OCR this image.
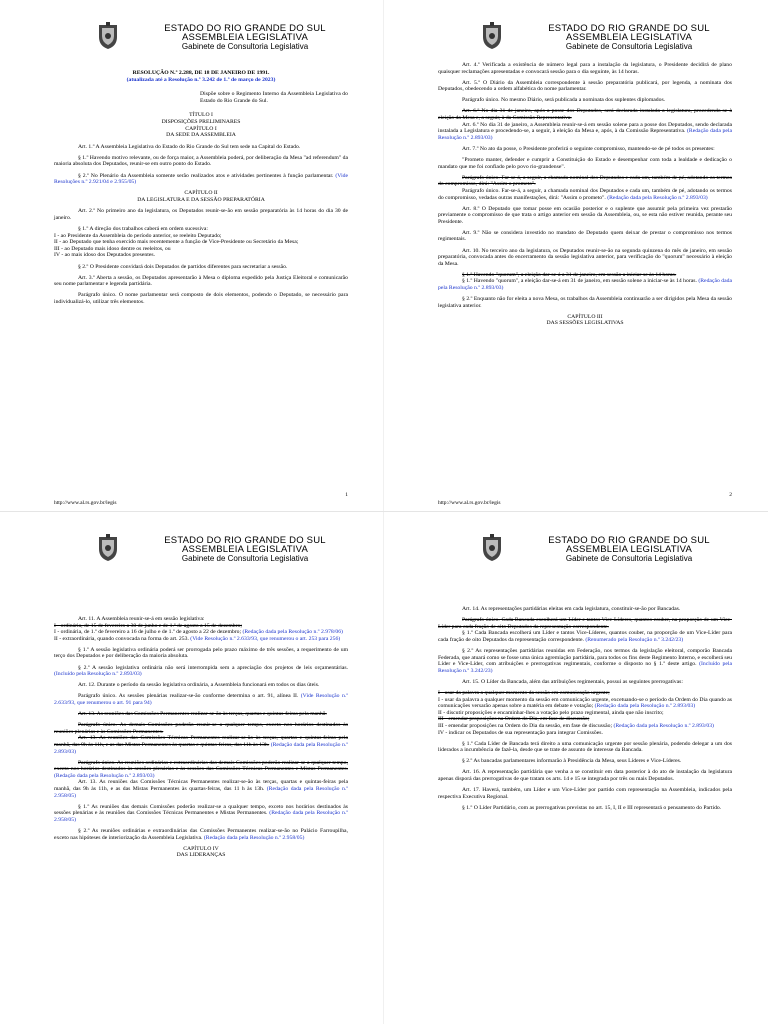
ESTADO DO RIO GRANDE DO SUL
ASSEMBLEIA LEGISLATIVA
Gabinete de Consultoria Legislativa

RESOLUÇÃO N.º 2.288, DE 18 DE JANEIRO DE 1991.

(atualizada até a Resolução n.º 3.242 de 1.º de março de 2023)

Dispõe sobre o Regimento Interno da Assembleia Legislativa do Estado do Rio Grande do Sul.

TÍTULO I

DISPOSIÇÕES PRELIMINARES

CAPÍTULO I

DA SEDE DA ASSEMBLEIA

Art. 1.º A Assembleia Legislativa do Estado do Rio Grande do Sul tem sede na Capital do Estado.

§ 1.º Havendo motivo relevante, ou de força maior, a Assembleia poderá, por deliberação da Mesa "ad referendum" da maioria absoluta dos Deputados, reunir-se em outro ponto do Estado.

§ 2.º No Plenário da Assembleia somente serão realizados atos e atividades pertinentes à função parlamentar. (Vide Resoluções n.º 2.921/04 e 2.955/05)

CAPÍTULO II

DA LEGISLATURA E DA SESSÃO PREPARATÓRIA

Art. 2.º No primeiro ano da legislatura, os Deputados reunir-se-ão em sessão preparatória às 14 horas do dia 30 de janeiro.

§ 1.º A direção dos trabalhos caberá em ordem sucessiva:

I - ao Presidente da Assembleia do período anterior, se reeleito Deputado;

II - ao Deputado que tenha exercido mais recentemente a função de Vice-Presidente ou Secretário da Mesa;

III - ao Deputado mais idoso dentre os reeleitos, ou

IV - ao mais idoso dos Deputados presentes.

§ 2.º O Presidente convidará dois Deputados de partidos diferentes para secretariar a sessão.

Art. 3.º Aberta a sessão, os Deputados apresentarão à Mesa o diploma expedido pela Justiça Eleitoral e comunicarão seu nome parlamentar e legenda partidária.

Parágrafo único. O nome parlamentar será composto de dois elementos, podendo o Deputado, se necessário para individualizá-lo, utilizar três elementos.

1
http://www.al.rs.gov.br/legis
ESTADO DO RIO GRANDE DO SUL
ASSEMBLEIA LEGISLATIVA
Gabinete de Consultoria Legislativa

Art. 4.º Verificada a existência de número legal para a instalação da legislatura, o Presidente decidirá de plano quaisquer reclamações apresentadas e convocará sessão para o dia seguinte, às 14 horas.

Art. 5.º O Diário da Assembleia correspondente à sessão preparatória publicará, por legenda, a nominata dos Deputados, obedecendo a ordem alfabética do nome parlamentar.

Parágrafo único. No mesmo Diário, será publicada a nominata dos suplentes diplomados.

Art. 6.º No dia 31 de janeiro, após a posse dos Deputados, será declarada instalada a legislatura, procedendo-se à eleição da Mesa e, a seguir, à da Comissão Representativa.

Art. 6.º No dia 31 de janeiro, a Assembleia reunir-se-á em sessão solene para a posse dos Deputados, sendo declarada instalada a Legislatura e procedendo-se, a seguir, à eleição da Mesa e, após, à da Comissão Representativa. (Redação dada pela Resolução n.º 2.893/03)

Art. 7.º No ato da posse, o Presidente proferirá o seguinte compromisso, mantendo-se de pé todos os presentes:

"Prometo manter, defender e cumprir a Constituição do Estado e desempenhar com toda a lealdade e dedicação o mandato que me foi confiado pelo povo rio-grandense".

Parágrafo único. Far-se-á, a seguir, a chamada nominal dos Deputados e cada um, também de pé, adotando os termos do compromisso, dirá: "Assim o prometo".

Parágrafo único. Far-se-á, a seguir, a chamada nominal dos Deputados e cada um, também de pé, adotando os termos do compromisso, vedadas outras manifestações, dirá: "Assim o prometo". (Redação dada pela Resolução n.º 2.893/03)

Art. 8.º O Deputado que tomar posse em ocasião posterior e o suplente que assumir pela primeira vez prestarão previamente o compromisso de que trata o artigo anterior em sessão da Assembleia, ou, se esta não estiver reunida, perante seu Presidente.

Art. 9.º Não se considera investido no mandato de Deputado quem deixar de prestar o compromisso nos termos regimentais.

Art. 10. No terceiro ano da legislatura, os Deputados reunir-se-ão na segunda quinzena do mês de janeiro, em sessão preparatória, convocada antes do encerramento da sessão legislativa anterior, para verificação do "quorum" necessário à eleição da Mesa.

§ 1.º Havendo "quorum", a eleição dar-se-á a 31 de janeiro, em sessão a iniciar-se às 14 horas.

§ 1.º Havendo "quorum", a eleição dar-se-á em 31 de janeiro, em sessão solene a iniciar-se às 14 horas. (Redação dada pela Resolução n.º 2.893/03)

§ 2.º Enquanto não for eleita a nova Mesa, os trabalhos da Assembleia continuarão a ser dirigidos pela Mesa da sessão legislativa anterior.

CAPÍTULO III

DAS SESSÕES LEGISLATIVAS

2
http://www.al.rs.gov.br/legis
ESTADO DO RIO GRANDE DO SUL
ASSEMBLEIA LEGISLATIVA
Gabinete de Consultoria Legislativa

Art. 11. A Assembleia reunir-se-á em sessão legislativa:

I - ordinária, de 15 de fevereiro a 30 de junho e de 1.º de agosto a 15 de dezembro;

I - ordinária, de 1.º de fevereiro a 16 de julho e de 1.º de agosto a 22 de dezembro; (Redação dada pela Resolução n.º 2.978/06)

II - extraordinária, quando convocada na forma do art. 253. (Vide Resolução n.º 2.633/93, que renumerou o art. 253 para 256)

§ 1.º A sessão legislativa ordinária poderá ser prorrogada pelo prazo máximo de três sessões, a requerimento de um terço dos Deputados e por deliberação da maioria absoluta.

§ 2.º A sessão legislativa ordinária não será interrompida sem a apreciação dos projetos de leis orçamentárias. (Incluído pela Resolução n.º 2.893/03)

Art. 12. Durante o período da sessão legislativa ordinária, a Assembleia funcionará em todos os dias úteis.

Parágrafo único. As sessões plenárias realizar-se-ão conforme determina o art. 91, alínea II. (Vide Resolução n.º 2.633/93, que renumerou o art. 91 para 94)

Art. 13. As reuniões das Comissões Permanentes realizar-se-ão às terças, quartas e quintas-feiras pela manhã.

Parágrafo único. As demais Comissões poderão reunir-se a qualquer tempo, exceto nos horários destinados às reuniões plenárias e às Comissões Permanentes.

Art. 13. As reuniões das Comissões Técnicas Permanentes realizar-se-ão às terças, quartas e quintas-feiras pela manhã, das 9h às 11h, e as das Mistas Permanentes às quartas e quintas-feiras, das 11h às 13h. (Redação dada pela Resolução n.º 2.893/03)

Parágrafo único. As reuniões ordinárias e extraordinárias das demais Comissões poderão realizar-se a qualquer tempo, exceto nos horários destinados às sessões plenárias e às sessões das Comissões Técnicas Permanentes e Mistas Permanentes. (Redação dada pela Resolução n.º 2.893/03)

Art. 13. As reuniões das Comissões Técnicas Permanentes realizar-se-ão às terças, quartas e quintas-feiras pela manhã, das 9h às 11h, e as das Mistas Permanentes às quartas-feiras, das 11 h às 13h. (Redação dada pela Resolução n.º 2.958/05)

§ 1.º As reuniões das demais Comissões poderão realizar-se a qualquer tempo, exceto nos horários destinados às sessões plenárias e às reuniões das Comissões Técnicas Permanentes e Mistas Permanentes. (Redação dada pela Resolução n.º 2.958/05)

§ 2.º As reuniões ordinárias e extraordinárias das Comissões Permanentes realizar-se-ão no Palácio Farroupilha, exceto nas hipóteses de interiorização da Assembleia Legislativa. (Redação dada pela Resolução n.º 2.958/05)

CAPÍTULO IV

DAS LIDERANÇAS

ESTADO DO RIO GRANDE DO SUL
ASSEMBLEIA LEGISLATIVA
Gabinete de Consultoria Legislativa

Art. 14. As representações partidárias eleitas em cada legislatura, constituir-se-ão por Bancadas.

Parágrafo único. Cada Bancada escolherá um Líder e tantos Vice-Líderes, quantos couber, na proporção de um Vice-Líder para cada fração de oito Deputados da representação correspondente.

§ 1.º Cada Bancada escolherá um Líder e tantos Vice-Líderes, quantos couber, na proporção de um Vice-Líder para cada fração de oito Deputados da representação correspondente. (Renumerado pela Resolução n.º 3.242/23)

§ 2.º As representações partidárias reunidas em Federação, nos termos da legislação eleitoral, comporão Bancada Federada, que atuará como se fosse uma única agremiação partidária, para todos os fins deste Regimento Interno, e escolherá seu Líder e Vice-Líder, com atribuições e prerrogativas regimentais, conforme o disposto no § 1.º deste artigo. (Incluído pela Resolução n.º 3.242/23)

Art. 15. O Líder da Bancada, além das atribuições regimentais, possui as seguintes prerrogativas:

I - usar da palavra a qualquer momento da sessão em comunicação urgente;

I - usar da palavra a qualquer momento da sessão em comunicação urgente, excetuando-se o período da Ordem do Dia quando as comunicações versarão apenas sobre a matéria em debate e votação; (Redação dada pela Resolução n.º 2.893/03)

II - discutir proposições e encaminhar-lhes a votação pelo prazo regimental, ainda que não inscrito;

III - emendar proposições na Ordem do Dia, em fase de discussão;

III - emendar proposições na Ordem do Dia da sessão, em fase de discussão; (Redação dada pela Resolução n.º 2.893/03)

IV - indicar os Deputados de sua representação para integrar Comissões.

§ 1.º Cada Líder de Bancada terá direito a uma comunicação urgente por sessão plenária, podendo delegar a um dos liderados a incumbência de fazê-la, desde que se trate de assunto de interesse da Bancada.

§ 2.º As bancadas parlamentares informarão à Presidência da Mesa, seus Líderes e Vice-Líderes.

Art. 16. A representação partidária que venha a se constituir em data posterior à do ato de instalação da legislatura apenas disporá das prerrogativas de que tratam os arts. 14 e 15 se integrada por três ou mais Deputados.

Art. 17. Haverá, também, um Líder e um Vice-Líder por partido com representação na Assembleia, indicados pela respectiva Executiva Regional.

§ 1.º O Líder Partidário, com as prerrogativas previstas no art. 15, I, II e III representará o pensamento do Partido.
